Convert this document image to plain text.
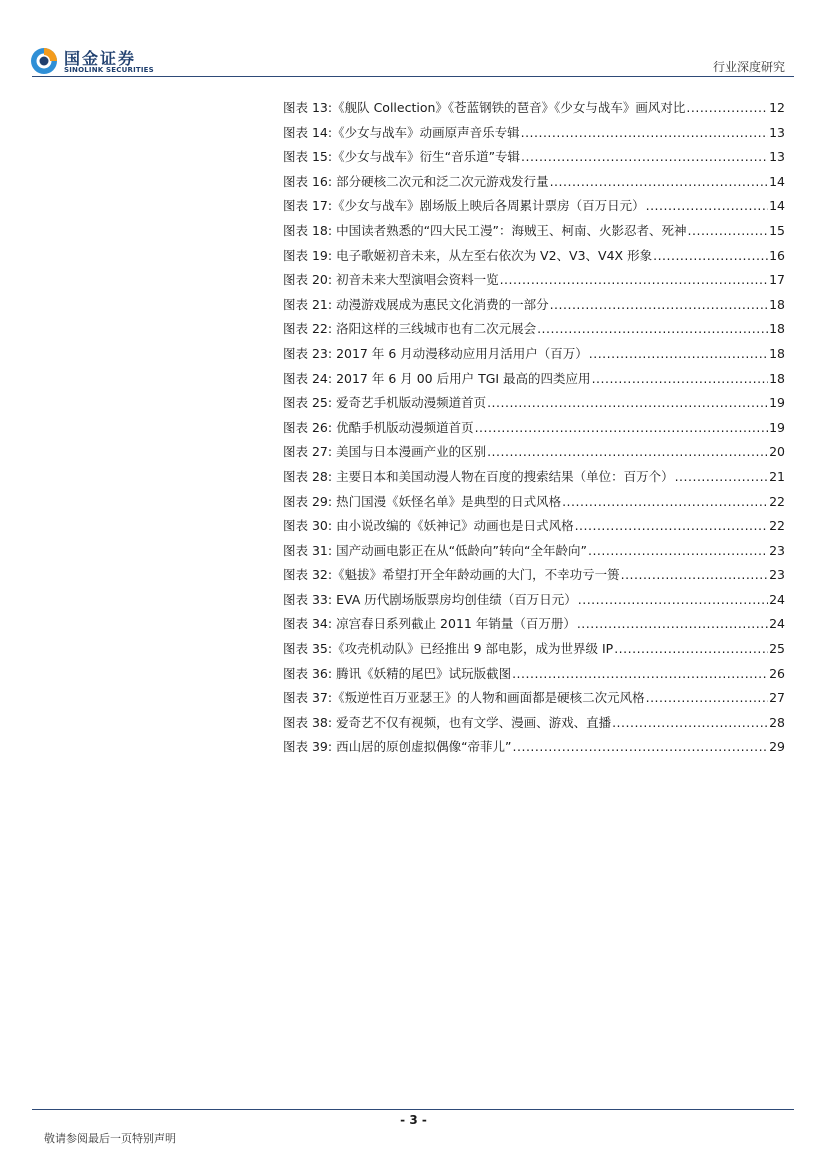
国金证券
SINOLINK SECURITIES	行业深度研究
图表 13:《舰队 Collection》《苍蓝钢铁的琶音》《少女与战车》画风对比 .....	12
图表 14:《少女与战车》动画原声音乐专辑 .....	13
图表 15:《少女与战车》衍生“音乐道”专辑 .....	13
图表 16: 部分硬核二次元和泛二次元游戏发行量 .....	14
图表 17:《少女与战车》剧场版上映后各周累计票房（百万日元） .....	14
图表 18: 中国读者熟悉的“四大民工漫”：海贼王、柯南、火影忍者、死神 .....	15
图表 19: 电子歌姬初音未来，从左至右依次为 V2、V3、V4X 形象 .....	16
图表 20: 初音未来大型演唱会资料一览 .....	17
图表 21: 动漫游戏展成为惠民文化消费的一部分 .....	18
图表 22: 洛阳这样的三线城市也有二次元展会 .....	18
图表 23: 2017 年 6 月动漫移动应用月活用户（百万） .....	18
图表 24: 2017 年 6 月 00 后用户 TGI 最高的四类应用 .....	18
图表 25: 爱奇艺手机版动漫频道首页 .....	19
图表 26: 优酷手机版动漫频道首页 .....	19
图表 27: 美国与日本漫画产业的区别 .....	20
图表 28: 主要日本和美国动漫人物在百度的搜索结果（单位：百万个） .....	21
图表 29: 热门国漫《妖怪名单》是典型的日式风格 .....	22
图表 30: 由小说改编的《妖神记》动画也是日式风格 .....	22
图表 31: 国产动画电影正在从“低龄向”转向“全年龄向” .....	23
图表 32:《魁拔》希望打开全年龄动画的大门，不幸功亏一篑 .....	23
图表 33: EVA 历代剧场版票房均创佳绩（百万日元） .....	24
图表 34: 凉宫春日系列截止 2011 年销量（百万册） .....	24
图表 35:《攻壳机动队》已经推出 9 部电影，成为世界级 IP .....	25
图表 36: 腾讯《妖精的尾巴》试玩版截图 .....	26
图表 37:《叛逆性百万亚瑟王》的人物和画面都是硬核二次元风格 .....	27
图表 38: 爱奇艺不仅有视频，也有文学、漫画、游戏、直播 .....	28
图表 39: 西山居的原创虚拟偶像“帝菲儿” .....	29
- 3 -
敬请参阅最后一页特别声明
